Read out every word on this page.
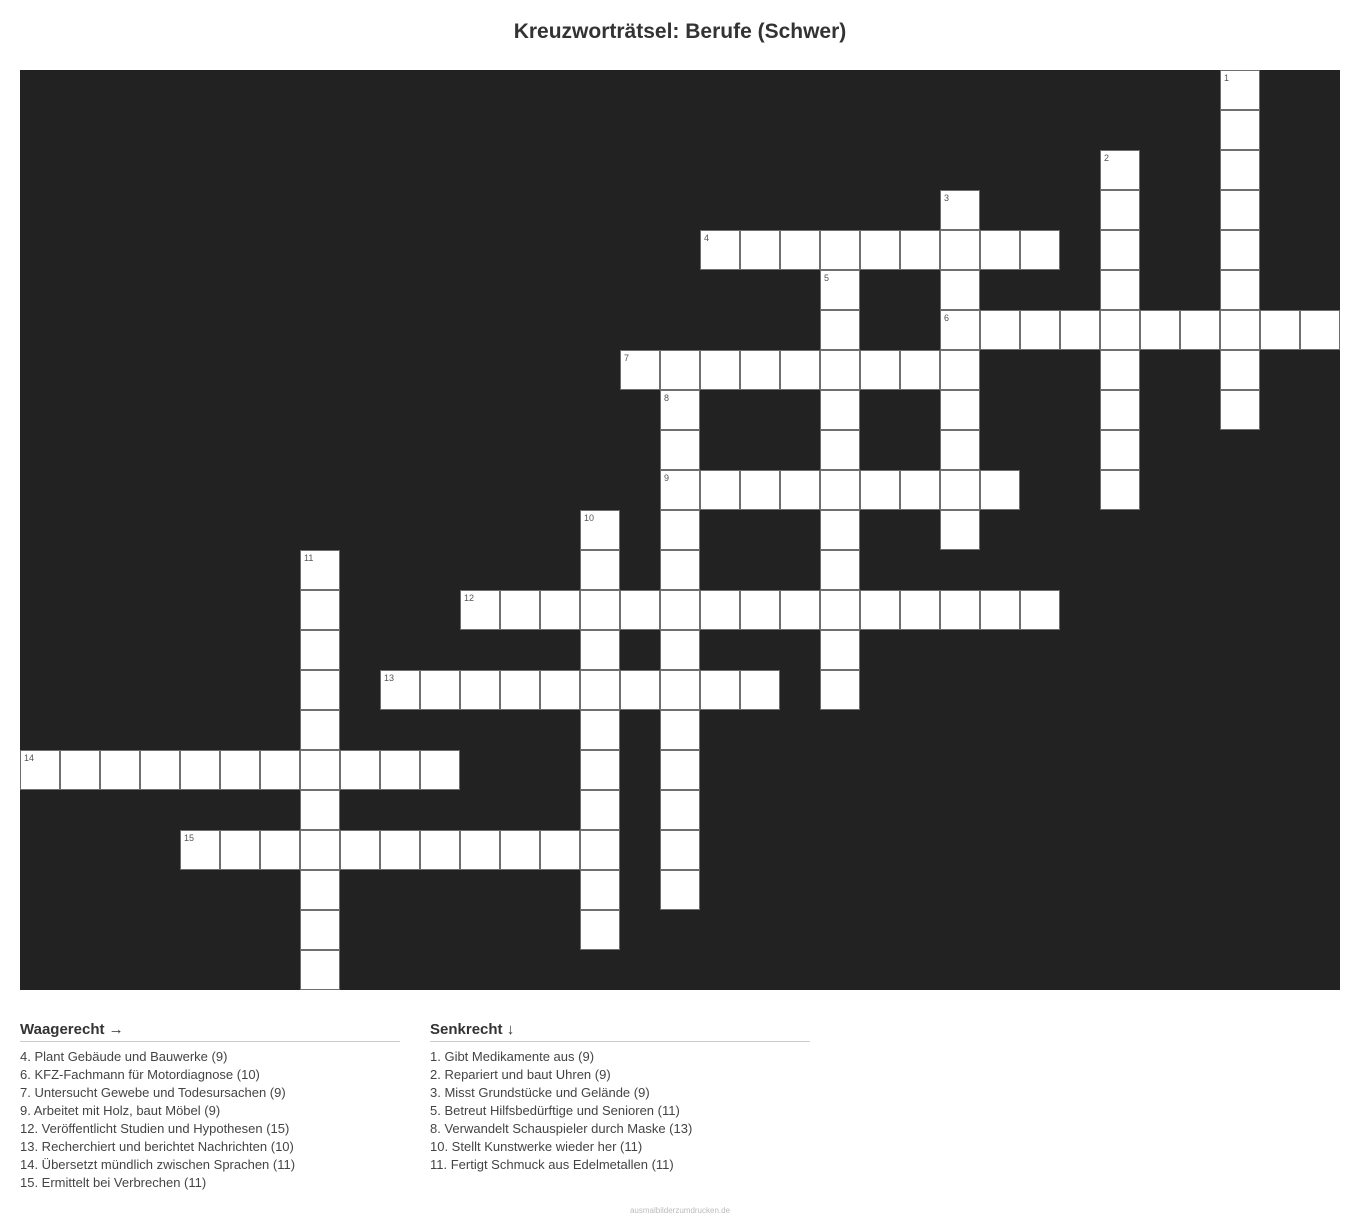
Kreuzworträtsel: Berufe (Schwer)
1
2
3
6
4
5
7
8
9
10
11
12
13
14
15
Waagerecht →
4. Plant Gebäude und Bauwerke (9)
6. KFZ-Fachmann für Motordiagnose (10)
7. Untersucht Gewebe und Todesursachen (9)
9. Arbeitet mit Holz, baut Möbel (9)
12. Veröffentlicht Studien und Hypothesen (15)
13. Recherchiert und berichtet Nachrichten (10)
14. Übersetzt mündlich zwischen Sprachen (11)
15. Ermittelt bei Verbrechen (11)
Senkrecht ↓
1. Gibt Medikamente aus (9)
2. Repariert und baut Uhren (9)
3. Misst Grundstücke und Gelände (9)
5. Betreut Hilfsbedürftige und Senioren (11)
8. Verwandelt Schauspieler durch Maske (13)
10. Stellt Kunstwerke wieder her (11)
11. Fertigt Schmuck aus Edelmetallen (11)
ausmalbilderzumdrucken.de
